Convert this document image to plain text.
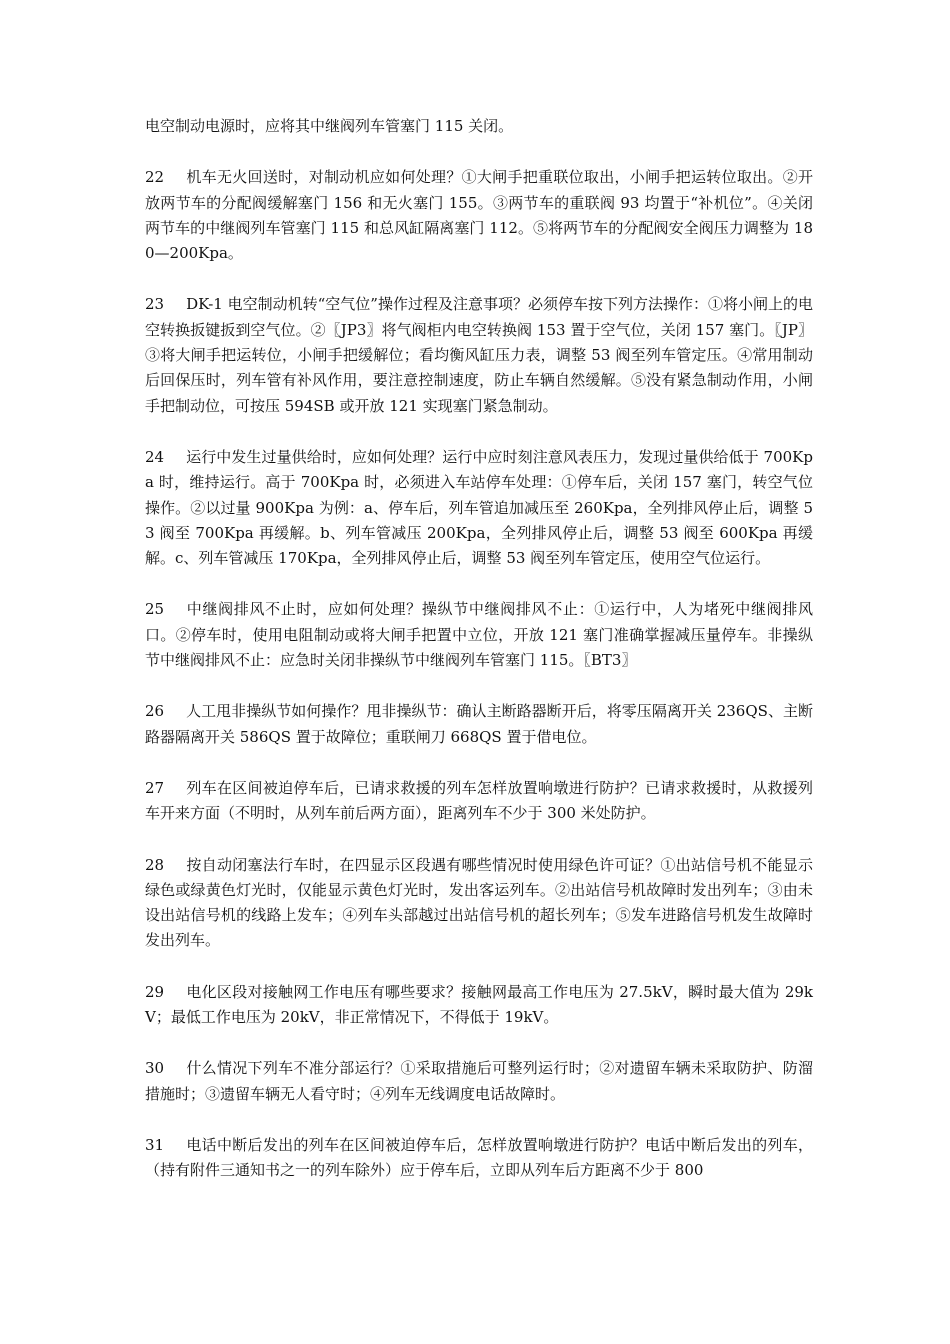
电空制动电源时，应将其中继阀列车管塞门 115 关闭。

22 机车无火回送时，对制动机应如何处理？①大闸手把重联位取出，小闸手把运转位取出。②开放两节车的分配阀缓解塞门 156 和无火塞门 155。③两节车的重联阀 93 均置于“补机位”。④关闭两节车的中继阀列车管塞门 115 和总风缸隔离塞门 112。⑤将两节车的分配阀安全阀压力调整为 180—200Kpa。

23 DK-1 电空制动机转“空气位”操作过程及注意事项？必须停车按下列方法操作：①将小闸上的电空转换扳键扳到空气位。②〖JP3〗将气阀柜内电空转换阀 153 置于空气位，关闭 157 塞门。〖JP〗③将大闸手把运转位，小闸手把缓解位；看均衡风缸压力表，调整 53 阀至列车管定压。④常用制动后回保压时，列车管有补风作用，要注意控制速度，防止车辆自然缓解。⑤没有紧急制动作用，小闸手把制动位，可按压 594SB 或开放 121 实现塞门紧急制动。

24 运行中发生过量供给时，应如何处理？运行中应时刻注意风表压力，发现过量供给低于 700Kpa 时，维持运行。高于 700Kpa 时，必须进入车站停车处理：①停车后，关闭 157 塞门，转空气位操作。②以过量 900Kpa 为例：a、停车后，列车管追加减压至 260Kpa，全列排风停止后，调整 53 阀至 700Kpa 再缓解。b、列车管减压 200Kpa，全列排风停止后，调整 53 阀至 600Kpa 再缓解。c、列车管减压 170Kpa，全列排风停止后，调整 53 阀至列车管定压，使用空气位运行。

25 中继阀排风不止时，应如何处理？操纵节中继阀排风不止：①运行中，人为堵死中继阀排风口。②停车时，使用电阻制动或将大闸手把置中立位，开放 121 塞门准确掌握减压量停车。非操纵节中继阀排风不止：应急时关闭非操纵节中继阀列车管塞门 115。〖BT3〗

26 人工甩非操纵节如何操作？甩非操纵节：确认主断路器断开后，将零压隔离开关 236QS、主断路器隔离开关 586QS 置于故障位；重联闸刀 668QS 置于借电位。

27 列车在区间被迫停车后，已请求救援的列车怎样放置响墩进行防护？已请求救援时，从救援列车开来方面（不明时，从列车前后两方面），距离列车不少于 300 米处防护。

28 按自动闭塞法行车时，在四显示区段遇有哪些情况时使用绿色许可证？①出站信号机不能显示绿色或绿黄色灯光时，仅能显示黄色灯光时，发出客运列车。②出站信号机故障时发出列车；③由未设出站信号机的线路上发车；④列车头部越过出站信号机的超长列车；⑤发车进路信号机发生故障时发出列车。

29 电化区段对接触网工作电压有哪些要求？接触网最高工作电压为 27.5kV，瞬时最大值为 29kV；最低工作电压为 20kV，非正常情况下，不得低于 19kV。

30 什么情况下列车不准分部运行？①采取措施后可整列运行时；②对遗留车辆未采取防护、防溜措施时；③遗留车辆无人看守时；④列车无线调度电话故障时。

31 电话中断后发出的列车在区间被迫停车后，怎样放置响墩进行防护？电话中断后发出的列车，（持有附件三通知书之一的列车除外）应于停车后，立即从列车后方距离不少于 800
